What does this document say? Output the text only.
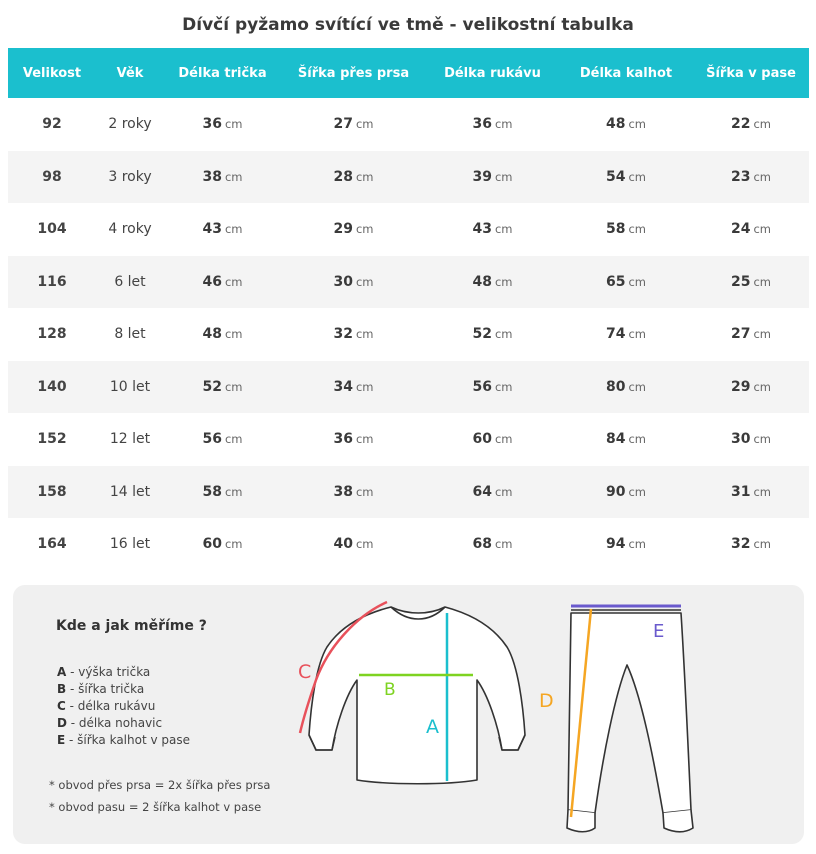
Dívčí pyžamo svítící ve tmě - velikostní tabulka
Velikost	Věk	Délka trička	Šířka přes prsa	Délka rukávu	Délka kalhot	Šířka v pase
92	2 roky	36 cm	27 cm	36 cm	48 cm	22 cm
98	3 roky	38 cm	28 cm	39 cm	54 cm	23 cm
104	4 roky	43 cm	29 cm	43 cm	58 cm	24 cm
116	6 let	46 cm	30 cm	48 cm	65 cm	25 cm
128	8 let	48 cm	32 cm	52 cm	74 cm	27 cm
140	10 let	52 cm	34 cm	56 cm	80 cm	29 cm
152	12 let	56 cm	36 cm	60 cm	84 cm	30 cm
158	14 let	58 cm	38 cm	64 cm	90 cm	31 cm
164	16 let	60 cm	40 cm	68 cm	94 cm	32 cm
Kde a jak měříme ?
A - výška trička
B - šířka trička
C - délka rukávu
D - délka nohavic
E - šířka kalhot v pase
* obvod přes prsa = 2x šířka přes prsa
* obvod pasu = 2 šířka kalhot v pase
A
B
C
D
E
